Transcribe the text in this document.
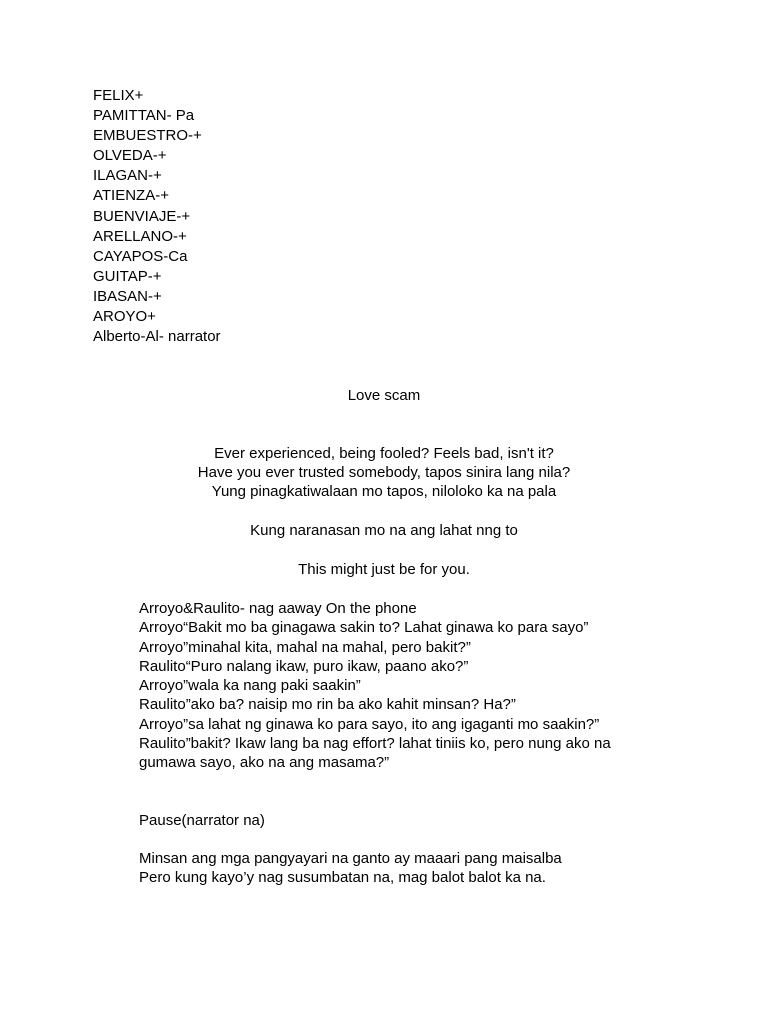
FELIX+
PAMITTAN- Pa
EMBUESTRO-+
OLVEDA-+
ILAGAN-+
ATIENZA-+
BUENVIAJE-+
ARELLANO-+
CAYAPOS-Ca
GUITAP-+
IBASAN-+
AROYO+
Alberto-Al- narrator
Love scam
Ever experienced, being fooled? Feels bad, isn't it?
Have you ever trusted somebody, tapos sinira lang nila?
Yung pinagkatiwalaan mo tapos, niloloko ka na pala
Kung naranasan mo na ang lahat nng to
This might just be for you.
Arroyo&Raulito- nag aaway On the phone
Arroyo“Bakit mo ba ginagawa sakin to? Lahat ginawa ko para sayo”
Arroyo”minahal kita, mahal na mahal, pero bakit?”
Raulito“Puro nalang ikaw, puro ikaw, paano ako?”
Arroyo”wala ka nang paki saakin”
Raulito”ako ba? naisip mo rin ba ako kahit minsan? Ha?”
Arroyo”sa lahat ng ginawa ko para sayo, ito ang igaganti mo saakin?”
Raulito”bakit? Ikaw lang ba nag effort? lahat tiniis ko, pero nung ako na
gumawa sayo, ako na ang masama?”
Pause(narrator na)
Minsan ang mga pangyayari na ganto ay maaari pang maisalba
Pero kung kayo’y nag susumbatan na, mag balot balot ka na.
